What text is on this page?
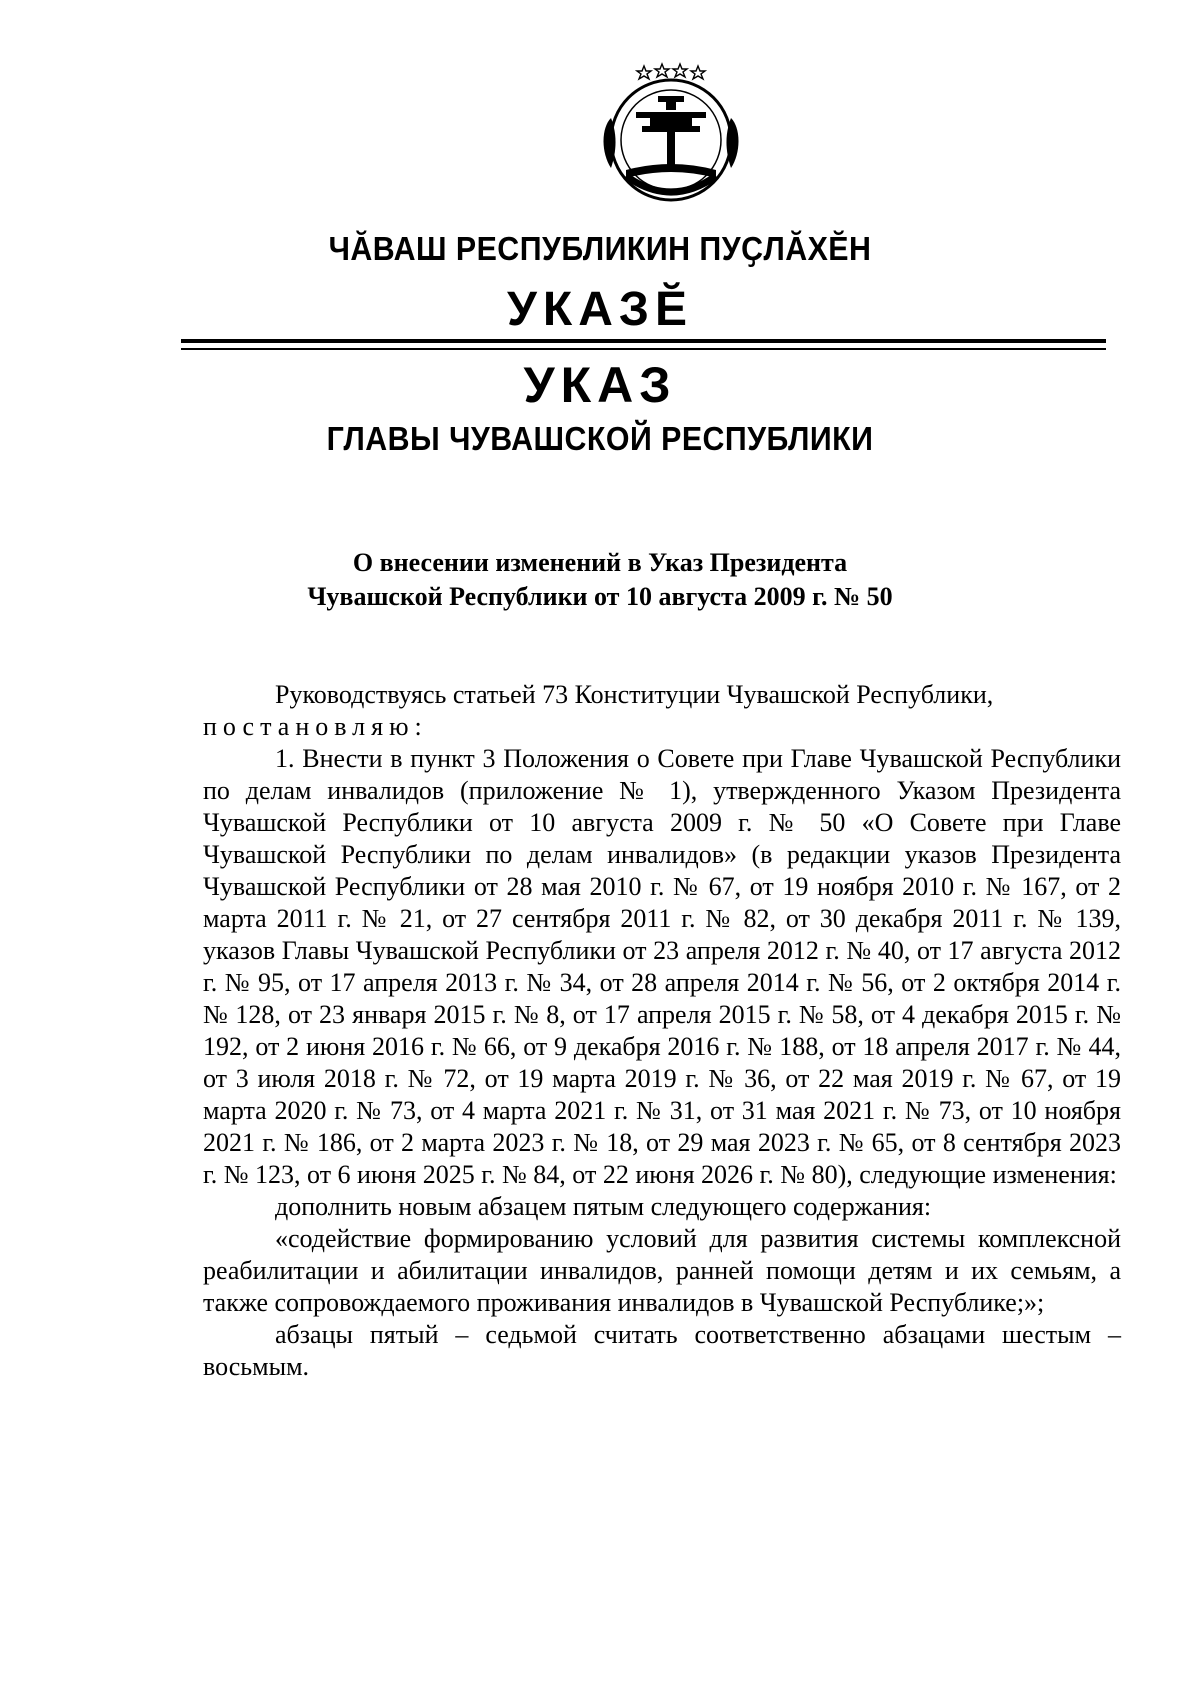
ЧӐВАШ РЕСПУБЛИКИН ПУҪЛӐХӖН
УКАЗӖ
УКАЗ
ГЛАВЫ ЧУВАШСКОЙ РЕСПУБЛИКИ
О внесении изменений в Указ Президента
Чувашской Республики от 10 августа 2009 г. № 50

Руководствуясь статьей 73 Конституции Чувашской Республики,

постановляю:

1. Внести в пункт 3 Положения о Совете при Главе Чувашской Республики по делам инвалидов (приложение № 1), утвержденного Указом Президента Чувашской Республики от 10 августа 2009 г. № 50 «О Совете при Главе Чувашской Республики по делам инвалидов» (в редакции указов Президента Чувашской Республики от 28 мая 2010 г. № 67, от 19 ноября 2010 г. № 167, от 2 марта 2011 г. № 21, от 27 сентября 2011 г. № 82, от 30 декабря 2011 г. № 139, указов Главы Чувашской Республики от 23 апреля 2012 г. № 40, от 17 августа 2012 г. № 95, от 17 апреля 2013 г. № 34, от 28 апреля 2014 г. № 56, от 2 октября 2014 г. № 128, от 23 января 2015 г. № 8, от 17 апреля 2015 г. № 58, от 4 декабря 2015 г. № 192, от 2 июня 2016 г. № 66, от 9 декабря 2016 г. № 188, от 18 апреля 2017 г. № 44, от 3 июля 2018 г. № 72, от 19 марта 2019 г. № 36, от 22 мая 2019 г. № 67, от 19 марта 2020 г. № 73, от 4 марта 2021 г. № 31, от 31 мая 2021 г. № 73, от 10 ноября 2021 г. № 186, от 2 марта 2023 г. № 18, от 29 мая 2023 г. № 65, от 8 сентября 2023 г. № 123, от 6 июня 2025 г. № 84, от 22 июня 2026 г. № 80), следующие изменения:

дополнить новым абзацем пятым следующего содержания:

«содействие формированию условий для развития системы комплексной реабилитации и абилитации инвалидов, ранней помощи детям и их семьям, а также сопровождаемого проживания инвалидов в Чувашской Республике;»;

абзацы пятый – седьмой считать соответственно абзацами шестым – восьмым.
